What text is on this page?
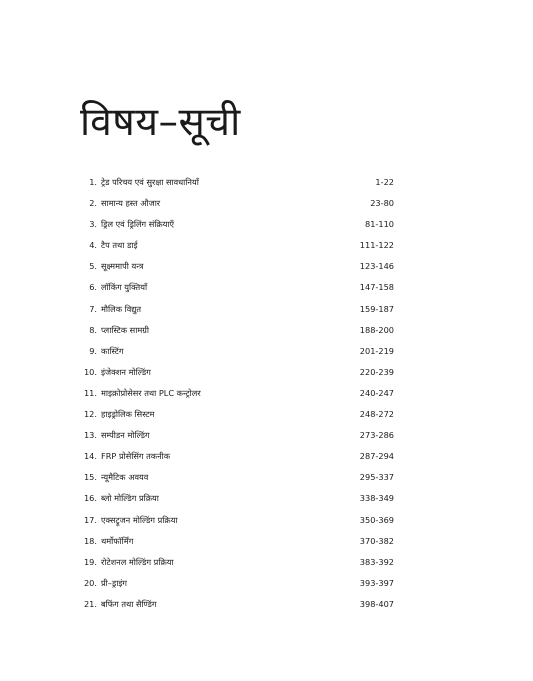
विषय–सूची
1. ट्रेड परिचय एवं सुरक्षा सावधानियाँ	1-22
2. सामान्य हस्त औजार	23-80
3. ड्रिल एवं ड्रिलिंग संक्रियाएँ	81-110
4. टैप तथा डाई	111-122
5. सूक्ष्ममापी यन्त्र	123-146
6. लॉकिंग युक्तियाँ	147-158
7. मौलिक विद्युत	159-187
8. प्लास्टिक सामग्री	188-200
9. कास्टिंग	201-219
10. इंजेक्शन मोल्डिंग	220-239
11. माइक्रोप्रोसेसर तथा PLC कन्ट्रोलर	240-247
12. हाइड्रोलिक सिस्टम	248-272
13. सम्पीडन मोल्डिंग	273-286
14. FRP प्रोसेसिंग तकनीक	287-294
15. न्यूमैटिक अवयव	295-337
16. ब्लो मोल्डिंग प्रक्रिया	338-349
17. एक्सट्रूजन मोल्डिंग प्रक्रिया	350-369
18. थर्मोफॉर्मिंग	370-382
19. रोटेशनल मोल्डिंग प्रक्रिया	383-392
20. प्री–ड्राइंग	393-397
21. बफिंग तथा सैण्डिंग	398-407
